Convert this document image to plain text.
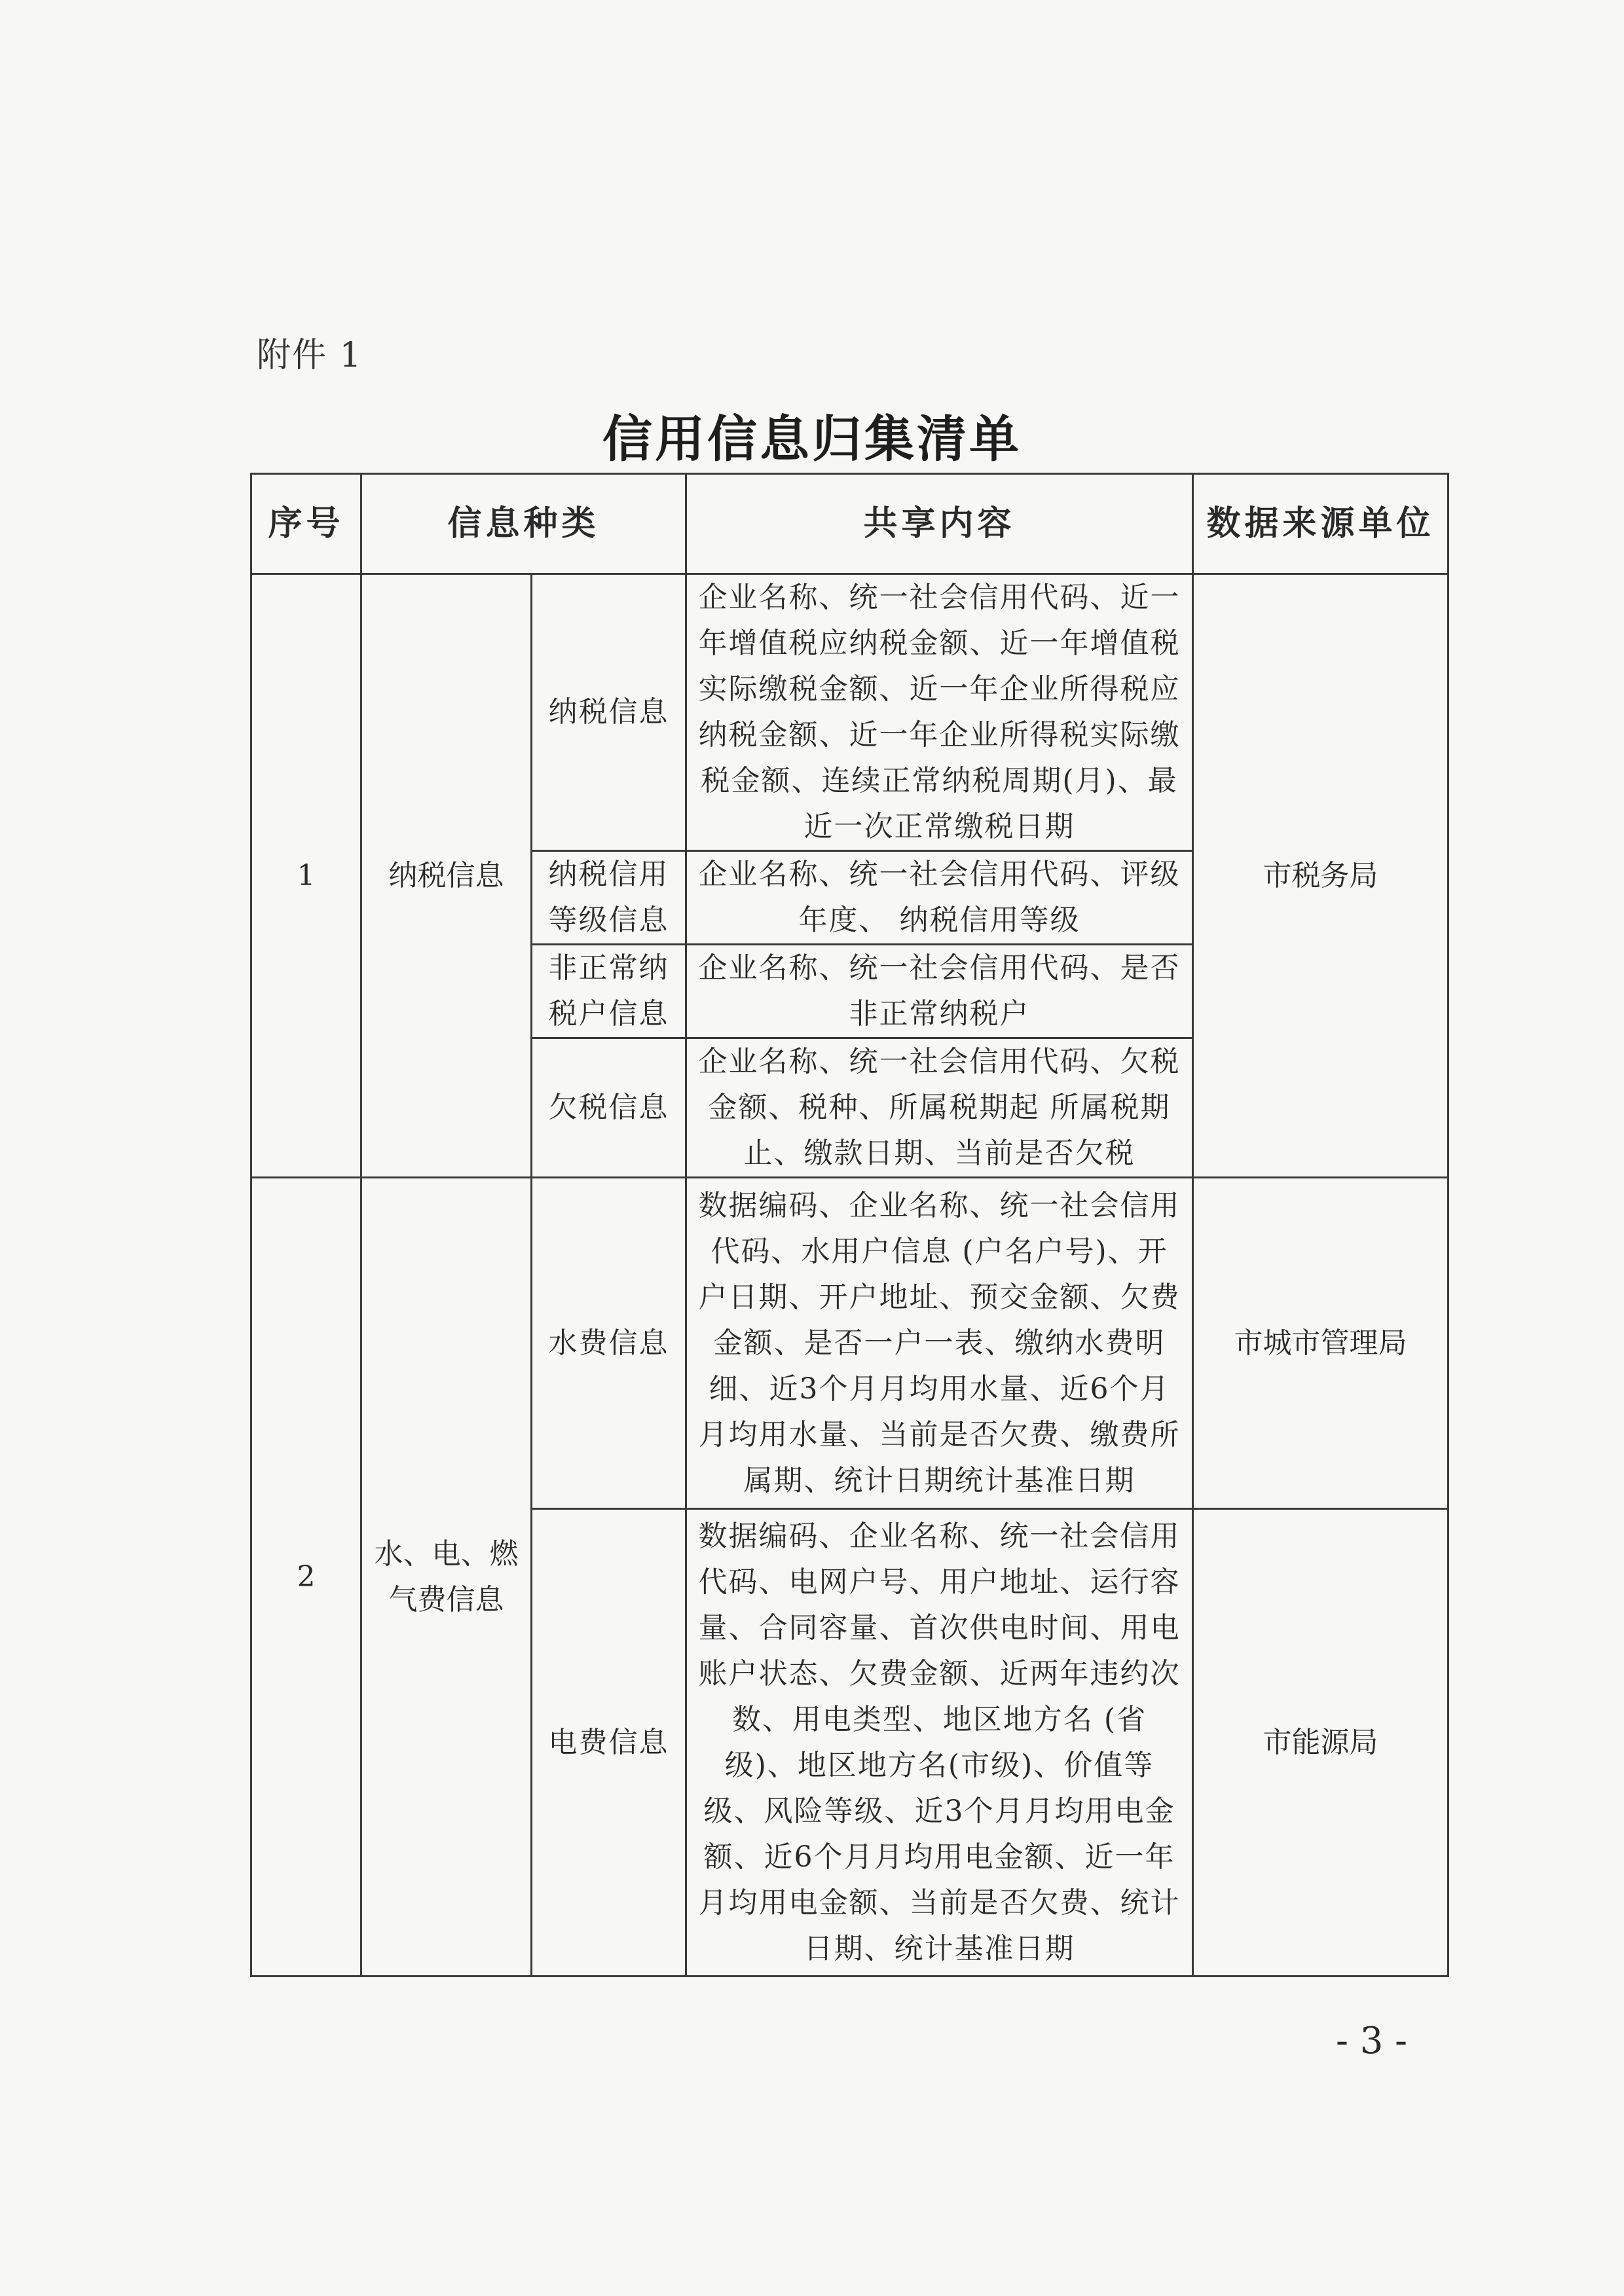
附件 1
信用信息归集清单
序号	信息种类		共享内容	数据来源单位
1	纳税信息	纳税信息	企业名称、统一社会信用代码、近一年增值税应纳税金额、近一年增值税实际缴税金额、近一年企业所得税应纳税金额、近一年企业所得税实际缴税金额、连续正常纳税周期(月)、最近一次正常缴税日期	市税务局
		纳税信用等级信息	企业名称、统一社会信用代码、评级年度、 纳税信用等级	
		非正常纳税户信息	企业名称、统一社会信用代码、是否非正常纳税户	
		欠税信息	企业名称、统一社会信用代码、欠税金额、税种、所属税期起 所属税期止、缴款日期、当前是否欠税	
2	水、电、燃气费信息	水费信息	数据编码、企业名称、统一社会信用代码、水用户信息 (户名户号)、开户日期、开户地址、预交金额、欠费金额、是否一户一表、缴纳水费明细、近3个月月均用水量、近6个月月均用水量、当前是否欠费、缴费所属期、统计日期统计基准日期	市城市管理局
		电费信息	数据编码、企业名称、统一社会信用代码、电网户号、用户地址、运行容量、合同容量、首次供电时间、用电账户状态、欠费金额、近两年违约次数、用电类型、地区地方名 (省级)、地区地方名(市级)、价值等级、风险等级、近3个月月均用电金额、近6个月月均用电金额、近一年月均用电金额、当前是否欠费、统计日期、统计基准日期	市能源局
- 3 -
